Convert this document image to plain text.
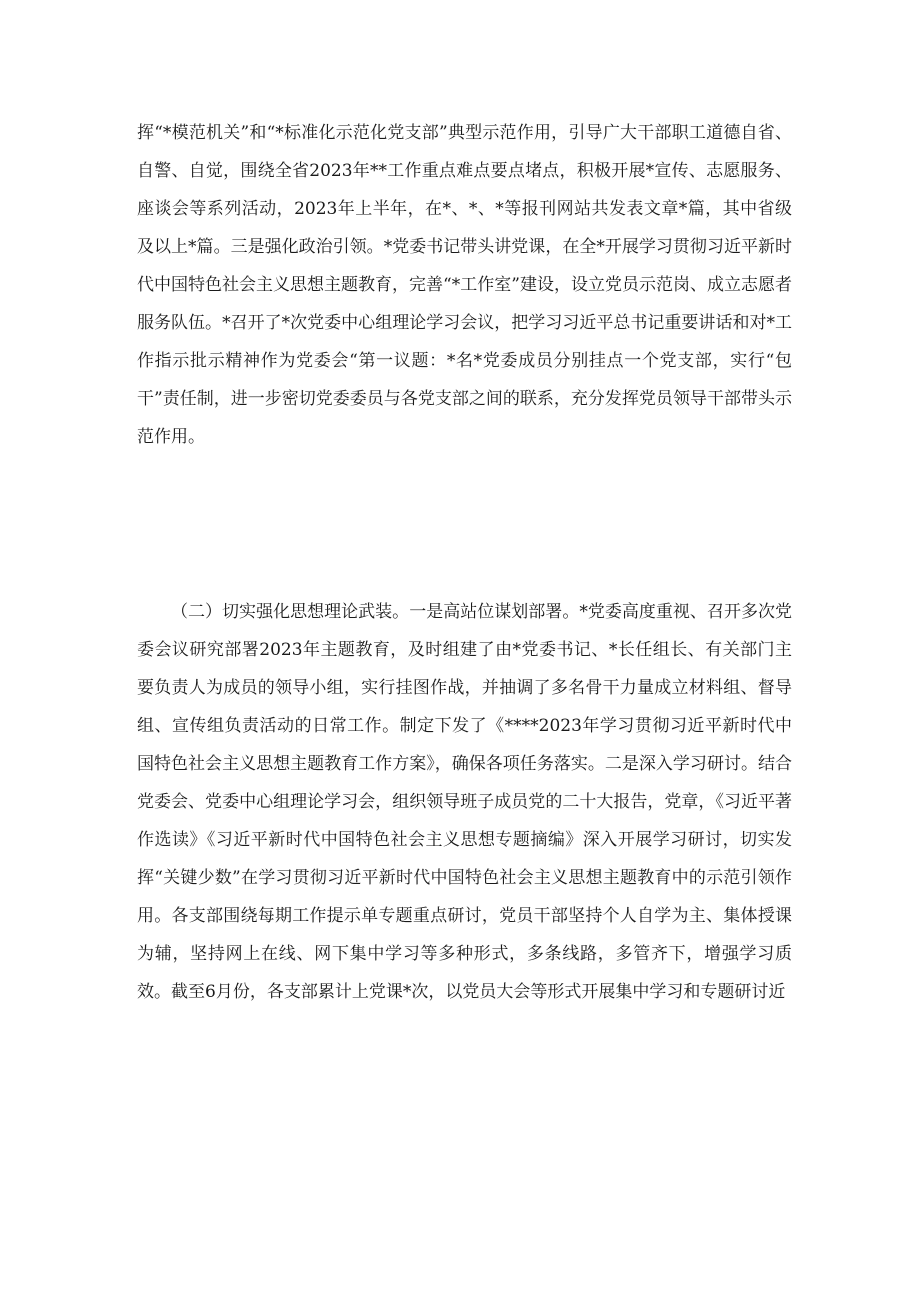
挥“*模范机关”和“*标准化示范化党支部”典型示范作用，引导广大干部职工道德自省、自警、自觉，围绕全省2023年**工作重点难点要点堵点，积极开展*宣传、志愿服务、座谈会等系列活动，2023年上半年，在*、*、*等报刊网站共发表文章*篇，其中省级及以上*篇。三是强化政治引领。*党委书记带头讲党课，在全*开展学习贯彻习近平新时代中国特色社会主义思想主题教育，完善“*工作室”建设，设立党员示范岗、成立志愿者服务队伍。*召开了*次党委中心组理论学习会议，把学习习近平总书记重要讲话和对*工作指示批示精神作为党委会“第一议题：*名*党委成员分别挂点一个党支部，实行“包干”责任制，进一步密切党委委员与各党支部之间的联系，充分发挥党员领导干部带头示范作用。

（二）切实强化思想理论武装。一是高站位谋划部署。*党委高度重视、召开多次党委会议研究部署2023年主题教育，及时组建了由*党委书记、*长任组长、有关部门主要负责人为成员的领导小组，实行挂图作战，并抽调了多名骨干力量成立材料组、督导组、宣传组负责活动的日常工作。制定下发了《****2023年学习贯彻习近平新时代中国特色社会主义思想主题教育工作方案》，确保各项任务落实。二是深入学习研讨。结合党委会、党委中心组理论学习会，组织领导班子成员党的二十大报告，党章，《习近平著作选读》《习近平新时代中国特色社会主义思想专题摘编》深入开展学习研讨，切实发挥“关键少数”在学习贯彻习近平新时代中国特色社会主义思想主题教育中的示范引领作用。各支部围绕每期工作提示单专题重点研讨，党员干部坚持个人自学为主、集体授课为辅，坚持网上在线、网下集中学习等多种形式，多条线路，多管齐下，增强学习质效。截至6月份，各支部累计上党课*次，以党员大会等形式开展集中学习和专题研讨近
